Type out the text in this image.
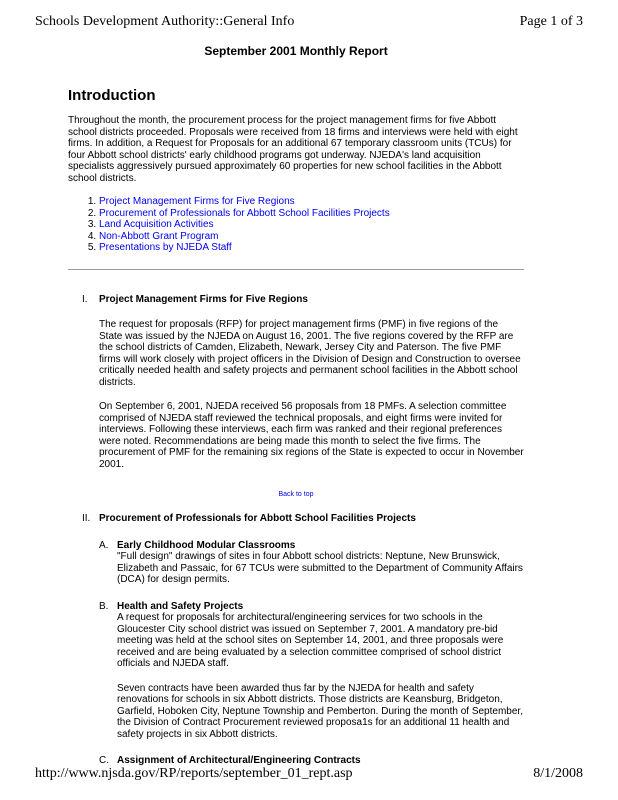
Schools Development Authority::General Info	Page 1 of 3
September 2001 Monthly Report
Introduction

Throughout the month, the procurement process for the project management firms for five Abbott school districts proceeded. Proposals were received from 18 firms and interviews were held with eight firms. In addition, a Request for Proposals for an additional 67 temporary classroom units (TCUs) for four Abbott school districts' early childhood programs got underway. NJEDA's land acquisition specialists aggressively pursued approximately 60 properties for new school facilities in the Abbott school districts.

1. Project Management Firms for Five Regions
2. Procurement of Professionals for Abbott School Facilities Projects
3. Land Acquisition Activities
4. Non-Abbott Grant Program
5. Presentations by NJEDA Staff
I. Project Management Firms for Five Regions

The request for proposals (RFP) for project management firms (PMF) in five regions of the State was issued by the NJEDA on August 16, 2001. The five regions covered by the RFP are the school districts of Camden, Elizabeth, Newark, Jersey City and Paterson. The five PMF firms will work closely with project officers in the Division of Design and Construction to oversee critically needed health and safety projects and permanent school facilities in the Abbott school districts.

On September 6, 2001, NJEDA received 56 proposals from 18 PMFs. A selection committee comprised of NJEDA staff reviewed the technical proposals, and eight firms were invited for interviews. Following these interviews, each firm was ranked and their regional preferences were noted. Recommendations are being made this month to select the five firms. The procurement of PMF for the remaining six regions of the State is expected to occur in November 2001.

Back to top
II. Procurement of Professionals for Abbott School Facilities Projects
A. Early Childhood Modular Classrooms

"Full design" drawings of sites in four Abbott school districts: Neptune, New Brunswick, Elizabeth and Passaic, for 67 TCUs were submitted to the Department of Community Affairs (DCA) for design permits.

B. Health and Safety Projects

A request for proposals for architectural/engineering services for two schools in the Gloucester City school district was issued on September 7, 2001. A mandatory pre-bid meeting was held at the school sites on September 14, 2001, and three proposals were received and are being evaluated by a selection committee comprised of school district officials and NJEDA staff.

Seven contracts have been awarded thus far by the NJEDA for health and safety renovations for schools in six Abbott districts. Those districts are Keansburg, Bridgeton, Garfield, Hoboken City, Neptune Township and Pemberton. During the month of September, the Division of Contract Procurement reviewed proposa1s for an additional 11 health and safety projects in six Abbott districts.

C. Assignment of Architectural/Engineering Contracts
http://www.njsda.gov/RP/reports/september_01_rept.asp	8/1/2008
